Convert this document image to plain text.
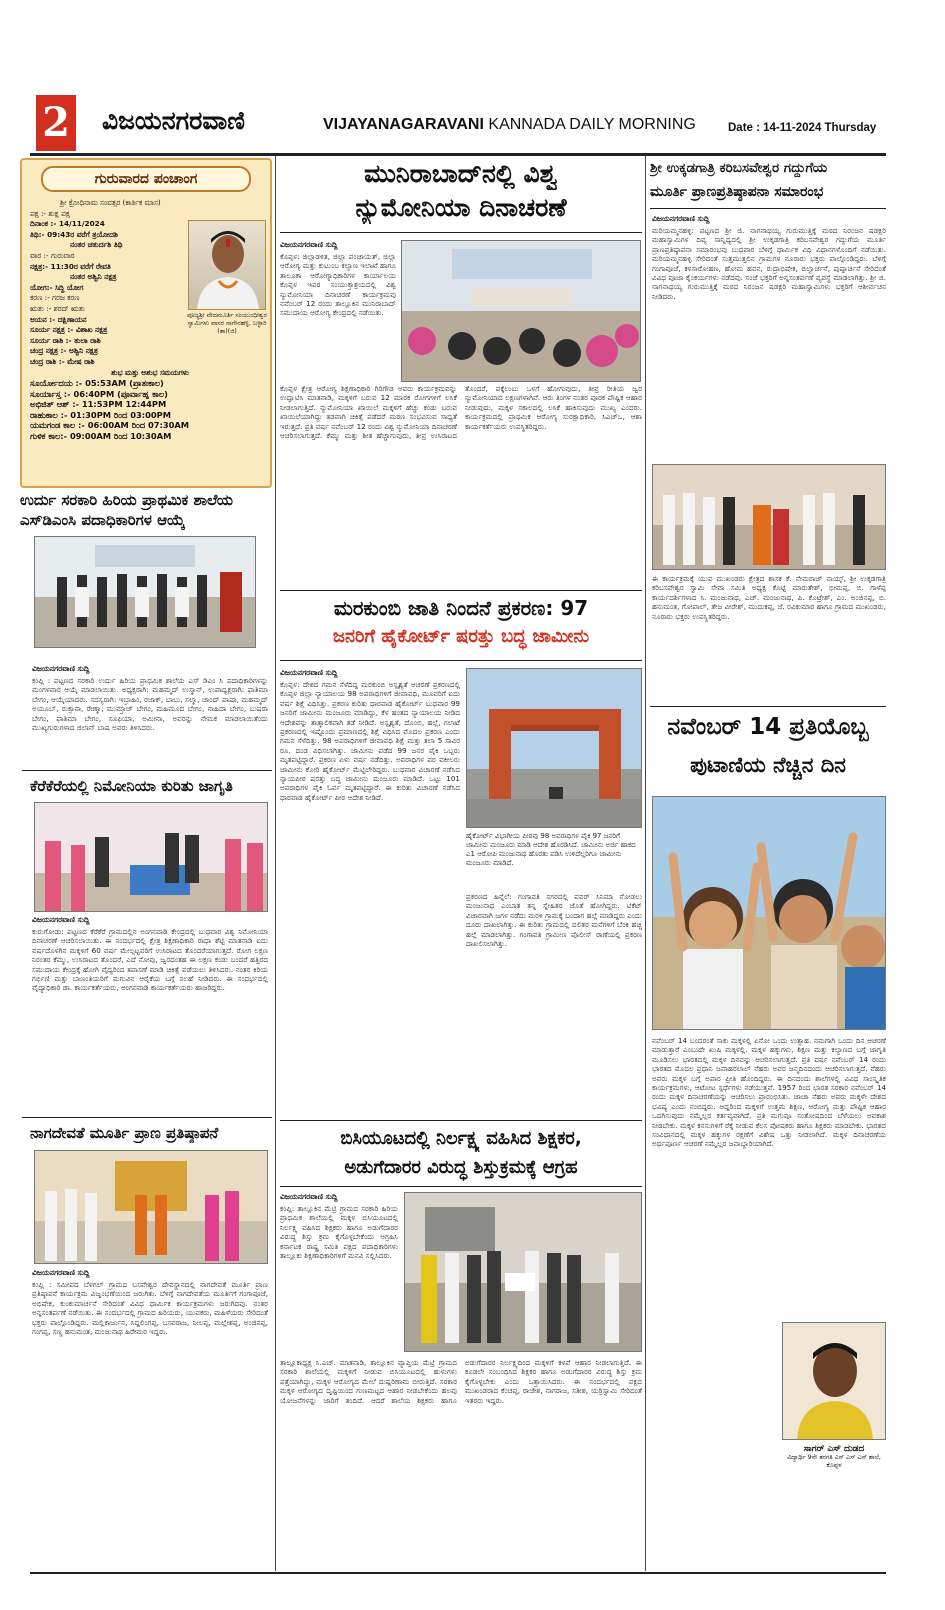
2 ವಿಜಯನಗರವಾಣಿ	VIJAYANAGARAVANI KANNADA DAILY MORNING	Date : 14-11-2024 Thursday
ಗುರುವಾರದ ಪಂಚಾಂಗ
ಶ್ರೀ ಕ್ರೋಧಿನಾಮ ಸಂವತ್ಸರ (ಕಾರ್ತಿಕ ಮಾಸ)
ಪಕ್ಷ :- ಶುಕ್ಲ ಪಕ್ಷ
ದಿನಾಂಕ :- 14/11/2024
ತಿಥಿ:- 09:43ರ ವರೆಗೆ ತ್ರಯೋದಶಿ
ನಂತರ ಚತುರ್ದಶಿ ತಿಥಿ
ವಾರ :- ಗುರುವಾರ
ನಕ್ಷತ್ರ:- 11:30ರ ವರೆಗೆ ರೇವತಿ
ನಂತರ ಅಶ್ವಿನಿ ನಕ್ಷತ್ರ
ಯೋಗ:- ಸಿದ್ಧಿ ಯೋಗ
ಕರಣ :- ಗರಜ ಕರಣ
ಋತು :- ಶರದ್ ಋತು
ಅಯನ :- ದಕ್ಷಿಣಾಯನ
ಸೂರ್ಯ ನಕ್ಷತ್ರ :- ವಿಶಾಖ ನಕ್ಷತ್ರ
ಸೂರ್ಯ ರಾಶಿ :- ತುಲಾ ರಾಶಿ
ಚಂದ್ರ ನಕ್ಷತ್ರ :- ಅಶ್ವಿನಿ ನಕ್ಷತ್ರ
ಚಂದ್ರ ರಾಶಿ :- ಮೇಷ ರಾಶಿ
ಶುಭ ಮತ್ತು ಅಶುಭ ಸಮಯಗಳು
ಸೂರ್ಯೋದಯ :- 05:53AM (ಪ್ರಾತಃಕಾಲ)
ಸೂರ್ಯಾಸ್ತ :- 06:40PM (ಪೂರ್ವಾಹ್ನ ಕಾಲ)
ಅಭಿಜಿತ್ ಆಶ್ :- 11:53PM 12:44PM
ರಾಹುಕಾಲ :- 01:30PM ರಿಂದ 03:00PM
ಯಮಗಂಡ ಕಾಲ :- 06:00AM ರಿಂದ 07:30AM
ಗುಳಿಕ ಕಾಲ:- 09:00AM ರಿಂದ 10:30AM
ಪೂಜ್ಯಶ್ರೀ ವೇದಮೂರ್ತಿ ಸಂಯುಂಧೀಶ್ವರ ಸ್ವಾಮಿಗಳು ವಾಸರ ನಾಗೇನಹಳ್ಳಿ, ಬಳ್ಳಾರಿ (ತಾ)(ಜಿ)
ಉರ್ದು ಸರಕಾರಿ ಹಿರಿಯ ಪ್ರಾಥಮಿಕ ಶಾಲೆಯ
ಎಸ್‌ಡಿಎಂಸಿ ಪದಾಧಿಕಾರಿಗಳ ಆಯ್ಕೆ
ವಿಜಯನಗರವಾಣಿ ಸುದ್ದಿ
ಕಂಪ್ಲಿ : ಪಟ್ಟಣದ ಸರಕಾರಿ ಉರ್ದು ಹಿರಿಯ ಪ್ರಾಥಮಿಕ ಶಾಲೆಯ ಎಸ್ ಡಿಎಂ ಸಿ ಪದಾಧಿಕಾರಿಗಳನ್ನು ಮಂಗಳವಾರ ಆಯ್ಕೆ ಮಾಡಲಾಯಿತು. ಅಧ್ಯಕ್ಷರಾಗಿ: ಮಹಮ್ಮದ್ ಉಸ್ಮಾನ್, ಉಪಾಧ್ಯಕ್ಷರಾಗಿ: ಫಾತಿಮಾ ಬೇಗಂ, ಆಯ್ಕೆಯಾದರು. ಸದಸ್ಯರಾಗಿ: ಇಬ್ರಾಹಿಂ, ರಜಾಕ್, ಬಾಬು, ಸಲ್ಮಾ, ಚಾಂದ್ ಪಾಷಾ, ಮಹಮ್ಮದ್ ಅಯೂಬ್, ರುಕ್ಸಾನಾ, ರೇಣ್ಮಾ, ಮುಮ್ತಾಜ್ ಬೇಗಂ, ಮಹಿಮೂದ ಬೇಗಂ, ನಾಹಿದಾ ಬೇಗಂ, ಬುಷರಾ ಬೇಗಂ, ಫಾತಿಮಾ ಬೇಗಂ, ಸೂಫಿಯಾ, ಅಮೀನಾ, ಅವರನ್ನು ನೇಮಕ ಮಾಡಲಾಯಿತೆಂದು ಮುಖ್ಯಗುರುಗಳಾದ ಜಿಲಾನ್ ಬಾಷ ಅವರು ತಿಳಿಸಿದರು.
ಕೆರೆಕೆರೆಯಲ್ಲಿ ನಿಮೋನಿಯಾ ಕುರಿತು ಜಾಗೃತಿ
ವಿಜಯನಗರವಾಣಿ ಸುದ್ದಿ
ಕುರುಗೋಡು: ಪಟ್ಟಣದ ಕೆರೆಕೆರೆ ಗ್ರಾಮದಲ್ಲಿನ ಅಂಗನವಾಡಿ ಕೇಂದ್ರದಲ್ಲಿ ಬುಧವಾರ ವಿಶ್ವ ನಿಮೋನಿಯಾ ದಿನಾಚರಣೆ ಆಚರಿಸಲಾಯಿತು. ಈ ಸಂದರ್ಭದಲ್ಲಿ ಕ್ಷೇತ್ರ ಶಿಕ್ಷಣಾಧಿಕಾರಿ ರಾಧಾ ಶೆಟ್ಟಿ ಮಾತನಾಡಿ ಐದು ವರ್ಷದೊಳಗಿನ ಮಕ್ಕಳಿಗೆ 60 ವರ್ಷ ಮೇಲ್ಪಟ್ಟವರಿಗೆ ಉಸಿರಾಟದ ತೊಂದರೆಯಾಗುತ್ತದೆ. ರೋಗ ಲಕ್ಷಣ ನಿರಂತರ ಕೆಮ್ಮು, ಉಸಿರಾಟದ ತೊಂದರೆ, ಎದೆ ನೋವು, ಜ್ವರದಂತಹ ಈ ಲಕ್ಷಣ ಕಂಡು ಬಂದರೆ ಹತ್ತಿರದ ಸಮುದಾಯ ಕೇಂದ್ರಕ್ಕೆ ಹೋಗಿ ವೈದ್ಯರಿಂದ ತಪಾಸಣೆ ಮಾಡಿ ಚಿಕಿತ್ಸೆ ಪಡೆಯಲು ತಿಳಿಸಿದರು. ನಂತರ ಕಿರಿಯ ಗರ್ಭಿಣಿ ಮತ್ತು ಬಾಣಂತಿಯರಿಗೆ ಮಗುವಿನ ಆರೈಕೆಯ ಬಗ್ಗೆ ಸಲಹೆ ನೀಡಿದರು. ಈ ಸಂದರ್ಭದಲ್ಲಿ ವೈದ್ಯಾಧಿಕಾರಿ ಡಾ. ಕಾರ್ಯಕರ್ತೆಯರು, ಅಂಗನವಾಡಿ ಕಾರ್ಯಕರ್ತೆಯರು ಹಾಜರಿದ್ದರು.
ನಾಗದೇವತೆ ಮೂರ್ತಿ ಪ್ರಾಣ ಪ್ರತಿಷ್ಠಾಪನೆ
ವಿಜಯನಗರವಾಣಿ ಸುದ್ದಿ
ಕಂಪ್ಲಿ : ಸಮೀಪದ ಬೆಳಗಲ್ ಗ್ರಾಮದ ಬಸವೇಶ್ವರ ದೇವಸ್ಥಾನದಲ್ಲಿ ನಾಗದೇವತೆ ಮೂರ್ತಿ ಪ್ರಾಣ ಪ್ರತಿಷ್ಠಾಪನೆ ಕಾರ್ಯಕ್ರಮ ವಿಜೃಂಭಣೆಯಿಂದ ಜರುಗಿತು. ಬೆಳಿಗ್ಗೆ ನಾಗದೇವತೆಯ ಮೂರ್ತಿಗೆ ಗಂಗಾಪೂಜೆ, ಅಭಿಷೇಕ, ಕುಂಕುಮಾರ್ಚನೆ ಸೇರಿದಂತೆ ವಿವಿಧ ಧಾರ್ಮಿಕ ಕಾರ್ಯಕ್ರಮಗಳು ಜರುಗಿದವು. ನಂತರ ಅನ್ನಸಂತರ್ಪಣೆ ನಡೆಯಿತು. ಈ ಸಂದರ್ಭದಲ್ಲಿ ಗ್ರಾಮದ ಹಿರಿಯರು, ಯುವಕರು, ಮಹಿಳೆಯರು ಸೇರಿದಂತೆ ಭಕ್ತರು ಪಾಲ್ಗೊಂಡಿದ್ದರು. ಮಲ್ಲಿಕಾರ್ಜುನ, ಸಿದ್ದಲಿಂಗಪ್ಪ, ಬಸವರಾಜ, ನೀಲಪ್ಪ, ಮಲ್ಲೇಶಪ್ಪ, ಅಂಜಿನಪ್ಪ, ಗಂಗಪ್ಪ, ಸಣ್ಣ ಹನುಮಂತ, ಮಂಜುನಾಥ ಹಿರೇಮಠ ಇದ್ದರು.
ಮುನಿರಾಬಾದ್‌ನಲ್ಲಿ ವಿಶ್ವ
ನ್ಯುಮೋನಿಯಾ ದಿನಾಚರಣೆ
ವಿಜಯನಗರವಾಣಿ ಸುದ್ದಿ
ಕೊಪ್ಪಳ: ಜಿಲ್ಲಾಡಳಿತ, ಜಿಲ್ಲಾ ಪಂಚಾಯತ್, ಜಿಲ್ಲಾ ಆರೋಗ್ಯ ಮತ್ತು ಕುಟುಂಬ ಕಲ್ಯಾಣ ಇಲಾಖೆ ಹಾಗೂ ತಾಲೂಕಾ ಆರೋಗ್ಯಾಧಿಕಾರಿಗಳ ಕಾರ್ಯಾಲಯ ಕೊಪ್ಪಳ ಇವರ ಸಂಯುಕ್ತಾಶ್ರಯದಲ್ಲಿ ವಿಶ್ವ ನ್ಯುಮೋನಿಯಾ ದಿನಾಚರಣೆ ಕಾರ್ಯಕ್ರಮವು ನವೆಂಬರ್ 12 ರಂದು ತಾಲ್ಲೂಕಿನ ಮುನಿರಾಬಾದ್ ಸಮುದಾಯ ಆರೋಗ್ಯ ಕೇಂದ್ರದಲ್ಲಿ ನಡೆಯಿತು.
ಕೊಪ್ಪಳ ಕ್ಷೇತ್ರ ಆರೋಗ್ಯ ಶಿಕ್ಷಣಾಧಿಕಾರಿ ಗಿರಿಗೌಡ ಅವರು ಕಾರ್ಯಕ್ರಮವನ್ನು ಉದ್ಘಾಟಿಸಿ ಮಾತನಾಡಿ, ಮಕ್ಕಳಿಗೆ ಬರುವ 12 ಮಾರಕ ರೋಗಗಳಿಗೆ ಲಸಿಕೆ ನೀಡಲಾಗುತ್ತಿದೆ. ನ್ಯುಮೋನಿಯಾ ಖಾಯಿಲೆ ಮಕ್ಕಳಿಗೆ ಹೆಚ್ಚು ಕಂಡು ಬರುವ ಖಾಯಿಲೆಯಾಗಿದ್ದು ತಡವಾಗಿ ಚಿಕಿತ್ಸೆ ಪಡೆದರೆ ಮರಣ ಸಂಭವಿಸುವ ಸಾಧ್ಯತೆ ಇರುತ್ತದೆ. ಪ್ರತಿ ವರ್ಷ ನವೆಂಬರ್ 12 ರಂದು ವಿಶ್ವ ನ್ಯುಮೋನಿಯಾ ದಿನಾಚರಣೆ ಆಚರಿಸಲಾಗುತ್ತದೆ. ಕೆಮ್ಮು ಮತ್ತು ಶೀತ ಹೆಚ್ಚಾಗುವುದು, ತೀವ್ರ ಉಸಿರಾಟದ ತೊಂದರೆ, ಪಕ್ಕೆಲುಬು ಒಳಗೆ ಹೋಗುವುದು, ತೀವ್ರ ರೀತಿಯ ಜ್ವರ ನ್ಯುಮೋನಿಯಾದ ಲಕ್ಷಣಗಳಾಗಿವೆ. ಆರು ತಿಂಗಳ ನಂತರ ಪೂರಕ ಪೌಷ್ಟಿಕ ಆಹಾರ ನೀಡುವುದು, ಮಕ್ಕಳ ಸಕಾಲದಲ್ಲಿ ಲಸಿಕೆ ಹಾಕಿಸುವುದು ಮುಖ್ಯ ಎಂದರು. ಕಾರ್ಯಕ್ರಮದಲ್ಲಿ ಪ್ರಾಥಮಿಕ ಆರೋಗ್ಯ ಸುರಕ್ಷಾಧಿಕಾರಿ, ಸಿಎಚ್‌ಒ, ಆಶಾ ಕಾರ್ಯಕರ್ತೆಯರು ಉಪಸ್ಥಿತರಿದ್ದರು.
ಮರಕುಂಬಿ ಜಾತಿ ನಿಂದನೆ ಪ್ರಕರಣ: 97
ಜನರಿಗೆ ಹೈಕೋರ್ಟ್ ಷರತ್ತು ಬದ್ಧ ಜಾಮೀನು
ವಿಜಯನಗರವಾಣಿ ಸುದ್ದಿ
ಕೊಪ್ಪಳ: ದೇಶದ ಗಮನ ಸೆಳೆದಿದ್ದ ಮರಕುಂಬಿ ಅಸ್ಪೃಶ್ಯತೆ ಆಚರಣೆ ಪ್ರಕರಣದಲ್ಲಿ ಕೊಪ್ಪಳ ಜಿಲ್ಲಾ ನ್ಯಾಯಾಲಯ 98 ಅಪರಾಧಿಗಳಿಗೆ ಜೀವಾವಧಿ, ಮೂವರಿಗೆ ಐದು ವರ್ಷ ಶಿಕ್ಷೆ ವಿಧಿಸಿತ್ತು. ಪ್ರಕರಣ ಕುರಿತು ಧಾರವಾಡ ಹೈಕೋರ್ಟ್ ಬುಧವಾರ 99 ಜನರಿಗೆ ಜಾಮೀನು ಮಂಜೂರು ಮಾಡಿದ್ದು, ಕೆಳ ಹಂತದ ನ್ಯಾಯಾಲಯ ನೀಡಿದ ಆದೇಶವನ್ನು ತಾತ್ಕಾಲಿಕವಾಗಿ ತಡೆ ನೀಡಿದೆ. ಅಸ್ಪೃಶ್ಯತೆ, ದೊಂಬಿ, ಹಲ್ಲೆ, ಗಲಾಟೆ ಪ್ರಕರಣದಲ್ಲಿ ಇಷ್ಟೊಂದು ಪ್ರಮಾಣದಲ್ಲಿ ಶಿಕ್ಷೆ ವಿಧಿಸಿದ ಮೊದಲ ಪ್ರಕರಣ ಎಂದು ಗಮನ ಸೆಳೆದಿತ್ತು. 98 ಅಪರಾಧಿಗಳಿಗೆ ಜೀವಾವಧಿ ಶಿಕ್ಷೆ ಮತ್ತು ತಲಾ 5 ಸಾವಿರ ರೂ. ದಂಡ ವಿಧಿಸಲಾಗಿತ್ತು. ಜಾಮೀನು ಪಡೆದ 99 ಜನರ ಪೈಕಿ ಒಬ್ಬರು ಮೃತಪಟ್ಟಿದ್ದಾರೆ. ಪ್ರಕರಣ ಏಳು ವರ್ಷ ನಡೆದಿತ್ತು. ಅಪರಾಧಿಗಳ ಪರ ವಕೀಲರು ಜಾಮೀನು ಕೋರಿ ಹೈಕೋರ್ಟ್ ಮೆಟ್ಟಿಲೇರಿದ್ದರು. ಬುಧವಾರ ವಿಚಾರಣೆ ನಡೆಸಿದ ನ್ಯಾಯಪೀಠ ಷರತ್ತು ಬದ್ಧ ಜಾಮೀನು ಮಂಜೂರು ಮಾಡಿದೆ. ಒಟ್ಟು 101 ಅಪರಾಧಿಗಳ ಪೈಕಿ ಓರ್ವ ಮೃತಪಟ್ಟಿದ್ದಾರೆ. ಈ ಕುರಿತು ವಿಚಾರಣೆ ನಡೆಸಿದ ಧಾರವಾಡ ಹೈಕೋರ್ಟ್ ಪೀಠ ಆದೇಶ ನೀಡಿದೆ.
ಹೈಕೋರ್ಟ್ ವಿಭಾಗೀಯ ಪೀಠವು 98 ಅಪರಾಧಿಗಳ ಪೈಕಿ 97 ಜನರಿಗೆ ಜಾಮೀನು ಮಂಜೂರು ಮಾಡಿ ಆದೇಶ ಹೊರಡಿಸಿದೆ. ಜಾಮೀನು ಅರ್ಜಿ ಹಾಕದ ಎ1 ಆರೋಪಿ ಮಂಜುನಾಥ ಹೊರತು ಪಡಿಸಿ ಉಳಿದೆಲ್ಲರಿಗೂ ಜಾಮೀನು ಮಂಜೂರು ಮಾಡಿದೆ.
ಪ್ರಕರಣದ ಹಿನ್ನೆಲೆ: ಗಂಗಾವತಿ ನಗರದಲ್ಲಿ ಪವರ್ ಸಿನಿಮಾ ನೋಡಲು ಮಂಜುನಾಥ ಎಂಬಾತ ತನ್ನ ಸ್ನೇಹಿತರ ಜೊತೆ ಹೋಗಿದ್ದರು. ಟಿಕೆಟ್ ವಿಚಾರವಾಗಿ ಜಗಳ ನಡೆದು ಮರಳಿ ಗ್ರಾಮಕ್ಕೆ ಬಂದಾಗ ಹಲ್ಲೆ ಮಾಡಿದ್ದರು ಎಂದು ದೂರು ದಾಖಲಾಗಿತ್ತು. ಈ ಕುರಿತು ಗ್ರಾಮದಲ್ಲಿ ದಲಿತರ ಮನೆಗಳಿಗೆ ಬೆಂಕಿ ಹಚ್ಚಿ ಹಲ್ಲೆ ಮಾಡಲಾಗಿತ್ತು. ಗಂಗಾವತಿ ಗ್ರಾಮೀಣ ಪೊಲೀಸ್ ಠಾಣೆಯಲ್ಲಿ ಪ್ರಕರಣ ದಾಖಲಿಸಲಾಗಿತ್ತು.
ಬಿಸಿಯೂಟದಲ್ಲಿ ನಿರ್ಲಕ್ಷ್ಯ ವಹಿಸಿದ ಶಿಕ್ಷಕರ,
ಅಡುಗೆದಾರರ ವಿರುದ್ಧ ಶಿಸ್ತುಕ್ರಮಕ್ಕೆ ಆಗ್ರಹ
ವಿಜಯನಗರವಾಣಿ ಸುದ್ದಿ
ಕಂಪ್ಲಿ: ತಾಲ್ಲೂಕಿನ ಮೆಟ್ರಿ ಗ್ರಾಮದ ಸರಕಾರಿ ಹಿರಿಯ ಪ್ರಾಥಮಿಕ ಶಾಲೆಯಲ್ಲಿ ಮಕ್ಕಳ ಬಿಸಿಯೂಟದಲ್ಲಿ ನಿರ್ಲಕ್ಷ್ಯ ವಹಿಸಿದ ಶಿಕ್ಷಕರು ಹಾಗೂ ಅಡುಗೆದಾರರ ವಿರುದ್ಧ ಶಿಸ್ತು ಕ್ರಮ ಕೈಗೊಳ್ಳಬೇಕೆಂದು ಆಗ್ರಹಿಸಿ ಕರ್ನಾಟಕ ರಾಷ್ಟ್ರ ಸಮಿತಿ ಪಕ್ಷದ ಪದಾಧಿಕಾರಿಗಳು ತಾಲ್ಲೂಕು ಶಿಕ್ಷಣಾಧಿಕಾರಿಗಳಿಗೆ ಮನವಿ ಸಲ್ಲಿಸಿದರು.
ತಾಲ್ಲೂಕಾಧ್ಯಕ್ಷ ಸಿ.ಎಚ್. ಮಾತನಾಡಿ, ತಾಲ್ಲೂಕಿನ ವ್ಯಾಪ್ತಿಯ ಮೆಟ್ರಿ ಗ್ರಾಮದ ಸರಕಾರಿ ಶಾಲೆಯಲ್ಲಿ ಮಕ್ಕಳಿಗೆ ನೀಡುವ ಬಿಸಿಯೂಟದಲ್ಲಿ ಹುಳುಗಳು ಪತ್ತೆಯಾಗಿದ್ದು, ಮಕ್ಕಳ ಆರೋಗ್ಯದ ಮೇಲೆ ದುಷ್ಪರಿಣಾಮ ಬೀರುತ್ತಿದೆ. ಸರಕಾರ ಮಕ್ಕಳ ಆರೋಗ್ಯದ ದೃಷ್ಟಿಯಿಂದ ಗುಣಮಟ್ಟದ ಆಹಾರ ನೀಡಬೇಕೆಂದು ಹಲವು ಯೋಜನೆಗಳನ್ನು ಜಾರಿಗೆ ತಂದಿದೆ. ಆದರೆ ಶಾಲೆಯ ಶಿಕ್ಷಕರು ಹಾಗೂ ಅಡುಗೆದಾರರ ನಿರ್ಲಕ್ಷ್ಯದಿಂದ ಮಕ್ಕಳಿಗೆ ಕಳಪೆ ಆಹಾರ ನೀಡಲಾಗುತ್ತಿದೆ. ಈ ಕೂಡಲೇ ಸಂಬಂಧಿಸಿದ ಶಿಕ್ಷಕರ ಹಾಗೂ ಅಡುಗೆದಾರರ ವಿರುದ್ಧ ಶಿಸ್ತು ಕ್ರಮ ಕೈಗೊಳ್ಳಬೇಕು ಎಂದು ಒತ್ತಾಯಿಸಿದರು. ಈ ಸಂದರ್ಭದಲ್ಲಿ ಪಕ್ಷದ ಮುಖಂಡರಾದ ಕೆಂಚಪ್ಪ, ರಾಜೇಶ, ನಾಗರಾಜ, ಸತೀಶ, ಯರ್ರಿಸ್ವಾಮಿ ಸೇರಿದಂತೆ ಇತರರು ಇದ್ದರು.
ಶ್ರೀ ಉಕ್ಕಡಗಾತ್ರಿ ಕರಿಬಸವೇಶ್ವರ ಗದ್ದುಗೆಯ
ಮೂರ್ತಿ ಪ್ರಾಣಪ್ರತಿಷ್ಠಾಪನಾ ಸಮಾರಂಭ
ವಿಜಯನಗರವಾಣಿ ಸುದ್ದಿ
ಮರಿಯಮ್ಮನಹಳ್ಳಿ: ಪಟ್ಟಣದ ಶ್ರೀ ಜಿ. ನಾಗನಾಥಯ್ಯ ಗುರುಮುತ್ತಿಕ್ಕೆ ಮಠದ ನಿರಂಜನ ಷಡಕ್ಷರಿ ಮಹಾಸ್ವಾಮಿಗಳ ದಿವ್ಯ ಸಾನ್ನಿಧ್ಯದಲ್ಲಿ ಶ್ರೀ ಉಕ್ಕಡಗಾತ್ರಿ ಕರಿಬಸವೇಶ್ವರ ಗದ್ದುಗೆಯ ಮೂರ್ತಿ ಪ್ರಾಣಪ್ರತಿಷ್ಠಾಪನಾ ಸಮಾರಂಭವು ಬುಧವಾರ ಬೆಳಿಗ್ಗೆ ಧಾರ್ಮಿಕ ವಿಧಿ ವಿಧಾನಗಳೊಂದಿಗೆ ನಡೆಯಿತು. ಮರಿಯಮ್ಮನಹಳ್ಳಿ ಸೇರಿದಂತೆ ಸುತ್ತಮುತ್ತಲಿನ ಗ್ರಾಮಗಳ ನೂರಾರು ಭಕ್ತರು ಪಾಲ್ಗೊಂಡಿದ್ದರು. ಬೆಳಿಗ್ಗೆ ಗಂಗಾಪೂಜೆ, ಕಳಸಾರೋಹಣ, ಹೋಮ ಹವನ, ರುದ್ರಾಭಿಷೇಕ, ಬಿಲ್ವಾರ್ಚನೆ, ಪುಷ್ಪಾರ್ಚನೆ ಸೇರಿದಂತೆ ವಿವಿಧ ಪೂಜಾ ಕೈಂಕರ್ಯಗಳು ನಡೆದವು. ಸಂಜೆ ಭಕ್ತರಿಗೆ ಅನ್ನಸಂತರ್ಪಣೆ ವ್ಯವಸ್ಥೆ ಮಾಡಲಾಗಿತ್ತು. ಶ್ರೀ ಜಿ. ನಾಗನಾಥಯ್ಯ ಗುರುಮುತ್ತಿಕ್ಕೆ ಮಠದ ನಿರಂಜನ ಷಡಕ್ಷರಿ ಮಹಾಸ್ವಾಮಿಗಳು ಭಕ್ತರಿಗೆ ಆಶೀರ್ವಚನ ನೀಡಿದರು.
ಈ ಕಾರ್ಯಕ್ರಮಕ್ಕೆ ಯುವ ಮುಖಂಡರು ಕ್ಷೇತ್ರದ ಶಾಸಕ ಕೆ. ನೇಮರಾಜ್ ನಾಯ್ಕ್, ಶ್ರೀ ಉಕ್ಕಡಗಾತ್ರಿ ಕರಿಬಸವೇಶ್ವರ ಸ್ವಾಮಿ ಸೇವಾ ಸಮಿತಿ ಅಧ್ಯಕ್ಷ ಕೊಟ್ಟಿ ಮಾರುತೇಶ್, ಭೀಮಪ್ಪ, ಬಿ. ಗಾಳೆಪ್ಪ ಕಾರ್ಯದರ್ಶಿಗಳಾದ ಸಿ. ಮಂಜುನಾಥ, ಎಚ್. ಮಂಜುನಾಥ, ಪಿ. ಕೊಟ್ರೇಶ್, ಎಂ. ಅಂಜಿನಪ್ಪ, ಬಿ. ಹನುಮಂತ, ಗೋಪಾಲ್, ತೇಜ ವೀರೇಶ್, ಮುದುಕಪ್ಪ, ಜೆ. ರವಿಕುಮಾರ ಹಾಗೂ ಗ್ರಾಮದ ಮುಖಂಡರು, ನೂರಾರು ಭಕ್ತರು ಉಪಸ್ಥಿತರಿದ್ದರು.
ನವೆಂಬರ್ 14 ಪ್ರತಿಯೊಬ್ಬ
ಪುಟಾಣಿಯ ನೆಚ್ಚಿನ ದಿನ
ನವೆಂಬರ್ 14 ಬಂದರಂತೆ ಸಾಕು ಮಕ್ಕಳಲ್ಲಿ ಏನೋ ಒಂದು ಉತ್ಸಾಹ. ನಮಗಾಗಿ ಒಂದು ದಿನ ಆಚರಣೆ ಮಾಡುತ್ತಾರೆ ಎಂಬುದೇ ಖುಷಿ ಮಕ್ಕಳಲ್ಲಿ. ಮಕ್ಕಳ ಹಕ್ಕುಗಳು, ಶಿಕ್ಷಣ ಮತ್ತು ಕಲ್ಯಾಣದ ಬಗ್ಗೆ ಜಾಗೃತಿ ಮೂಡಿಸಲು ಭಾರತದಲ್ಲಿ ಮಕ್ಕಳ ದಿನವನ್ನು ಆಚರಿಸಲಾಗುತ್ತದೆ. ಪ್ರತಿ ವರ್ಷ ನವೆಂಬರ್ 14 ರಂದು ಭಾರತದ ಮೊದಲ ಪ್ರಧಾನಿ ಜವಾಹರಲಾಲ್ ನೆಹರು ಅವರ ಜನ್ಮದಿನದಂದು ಆಚರಿಸಲಾಗುತ್ತದೆ. ನೆಹರು ಅವರು ಮಕ್ಕಳ ಬಗ್ಗೆ ಅಪಾರ ಪ್ರೀತಿ ಹೊಂದಿದ್ದರು. ಈ ದಿನದಂದು ಶಾಲೆಗಳಲ್ಲಿ ವಿವಿಧ ಸಾಂಸ್ಕೃತಿಕ ಕಾರ್ಯಕ್ರಮಗಳು, ಆಟೋಟ ಸ್ಪರ್ಧೆಗಳು ನಡೆಯುತ್ತವೆ. 1957 ರಿಂದ ಭಾರತ ಸರಕಾರ ನವೆಂಬರ್ 14 ರಂದು ಮಕ್ಕಳ ದಿನಾಚರಣೆಯನ್ನು ಆಚರಿಸಲು ಪ್ರಾರಂಭಿಸಿತು. ಚಾಚಾ ನೆಹರು ಅವರು ಮಕ್ಕಳೇ ದೇಶದ ಭವಿಷ್ಯ ಎಂದು ನಂಬಿದ್ದರು. ಆದ್ದರಿಂದ ಮಕ್ಕಳಿಗೆ ಉತ್ತಮ ಶಿಕ್ಷಣ, ಆರೋಗ್ಯ ಮತ್ತು ಪೌಷ್ಟಿಕ ಆಹಾರ ಒದಗಿಸುವುದು ನಮ್ಮೆಲ್ಲರ ಕರ್ತವ್ಯವಾಗಿದೆ. ಪ್ರತಿ ಮಗುವೂ ಸಂತೋಷದಿಂದ ಬೆಳೆಯಲು ಅವಕಾಶ ನೀಡಬೇಕು. ಮಕ್ಕಳ ಕನಸುಗಳಿಗೆ ರೆಕ್ಕೆ ನೀಡುವ ಕೆಲಸ ಪೋಷಕರು ಹಾಗೂ ಶಿಕ್ಷಕರು ಮಾಡಬೇಕು. ಭಾರತದ ಸಂವಿಧಾನದಲ್ಲಿ ಮಕ್ಕಳ ಹಕ್ಕುಗಳ ರಕ್ಷಣೆಗೆ ವಿಶೇಷ ಒತ್ತು ನೀಡಲಾಗಿದೆ. ಮಕ್ಕಳ ದಿನಾಚರಣೆಯ ಅರ್ಥಪೂರ್ಣ ಆಚರಣೆ ನಮ್ಮೆಲ್ಲರ ಜವಾಬ್ದಾರಿಯಾಗಿದೆ.
ಸಾಗರ್ ಎಸ್ ದುಡದ
ವಿದ್ಯಾರ್ಥಿ 9ನೇ ತರಗತಿ ಎಸ್ ಎಸ್ ಎಸ್ ಶಾಲೆ, ಕೊಪ್ಪಳ
